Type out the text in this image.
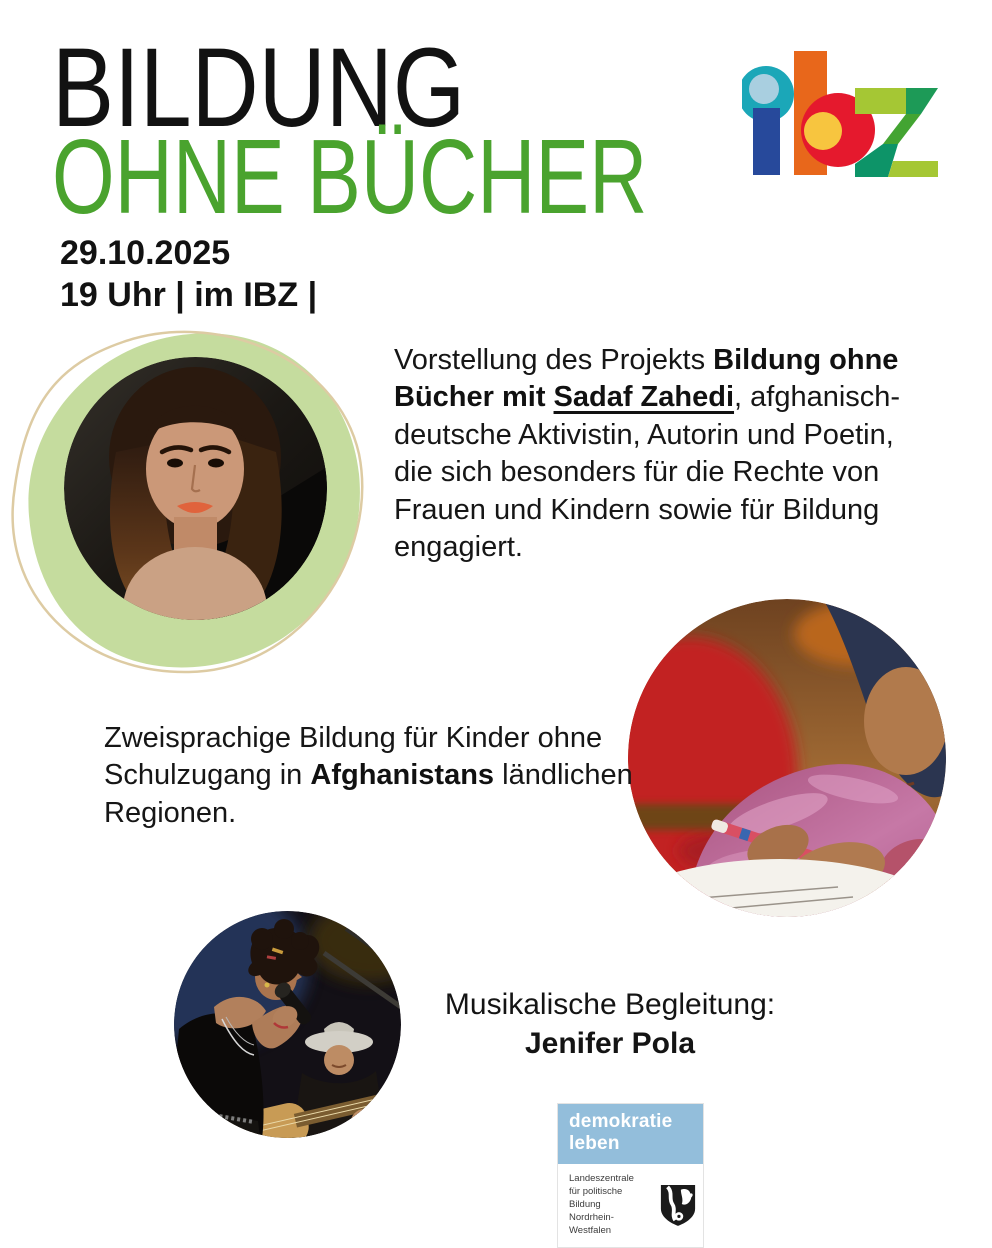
BILDUNG
OHNE BÜCHER
29.10.2025
19 Uhr | im IBZ |

Vorstellung des Projekts Bildung ohne Bücher mit Sadaf Zahedi, afghanisch-deutsche Aktivistin, Autorin und Poetin, die sich besonders für die Rechte von Frauen und Kindern sowie für Bildung engagiert.

Zweisprachige Bildung für Kinder ohne Schulzugang in Afghanistans ländlichen Regionen.

Musikalische Begleitung:
Jenifer Pola
demokratie
leben
Landeszentrale
für politische Bildung
Nordrhein-Westfalen
